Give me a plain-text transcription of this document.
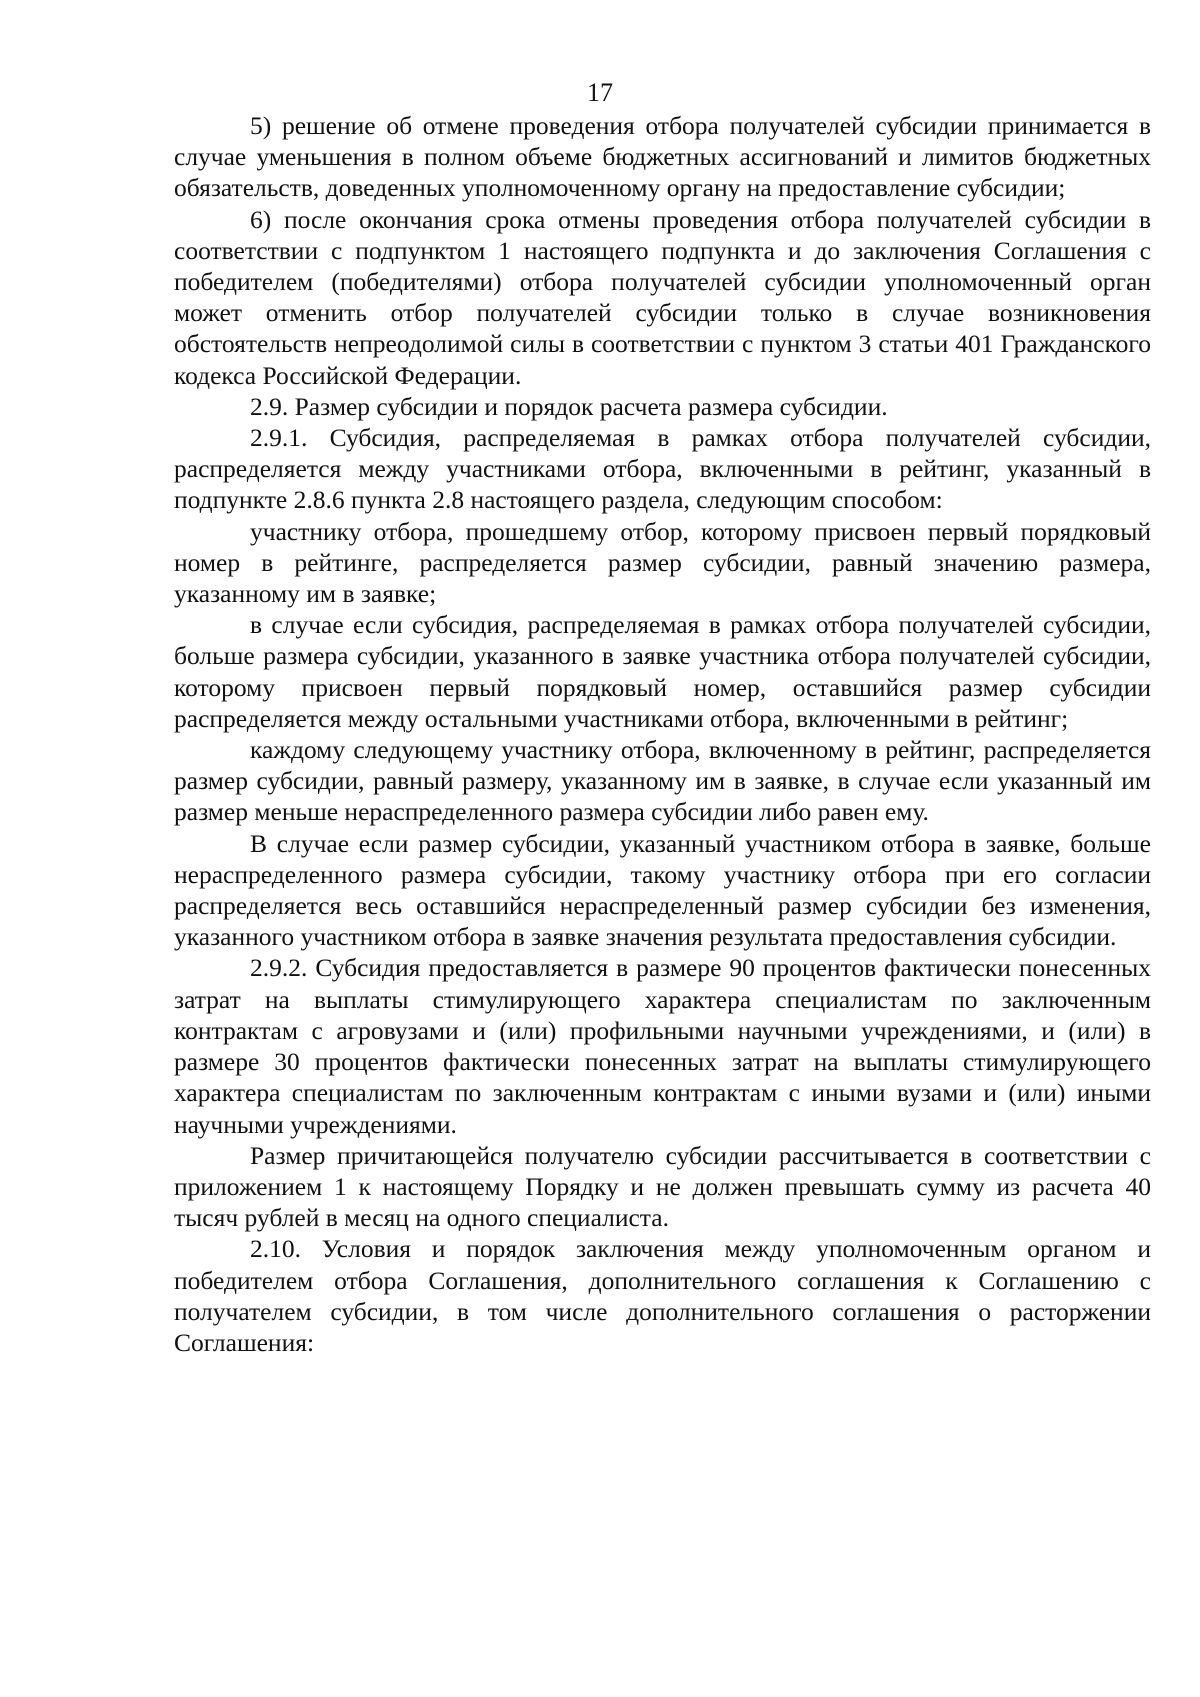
17

5) решение об отмене проведения отбора получателей субсидии принимается в случае уменьшения в полном объеме бюджетных ассигнований и лимитов бюджетных обязательств, доведенных уполномоченному органу на предоставление субсидии;

6) после окончания срока отмены проведения отбора получателей субсидии в соответствии с подпунктом 1 настоящего подпункта и до заключения Соглашения с победителем (победителями) отбора получателей субсидии уполномоченный орган может отменить отбор получателей субсидии только в случае возникновения обстоятельств непреодолимой силы в соответствии с пунктом 3 статьи 401 Гражданского кодекса Российской Федерации.

2.9. Размер субсидии и порядок расчета размера субсидии.

2.9.1. Субсидия, распределяемая в рамках отбора получателей субсидии, распределяется между участниками отбора, включенными в рейтинг, указанный в подпункте 2.8.6 пункта 2.8 настоящего раздела, следующим способом:

участнику отбора, прошедшему отбор, которому присвоен первый порядковый номер в рейтинге, распределяется размер субсидии, равный значению размера, указанному им в заявке;

в случае если субсидия, распределяемая в рамках отбора получателей субсидии, больше размера субсидии, указанного в заявке участника отбора получателей субсидии, которому присвоен первый порядковый номер, оставшийся размер субсидии распределяется между остальными участниками отбора, включенными в рейтинг;

каждому следующему участнику отбора, включенному в рейтинг, распределяется размер субсидии, равный размеру, указанному им в заявке, в случае если указанный им размер меньше нераспределенного размера субсидии либо равен ему.

В случае если размер субсидии, указанный участником отбора в заявке, больше нераспределенного размера субсидии, такому участнику отбора при его согласии распределяется весь оставшийся нераспределенный размер субсидии без изменения, указанного участником отбора в заявке значения результата предоставления субсидии.

2.9.2. Субсидия предоставляется в размере 90 процентов фактически понесенных затрат на выплаты стимулирующего характера специалистам по заключенным контрактам с агровузами и (или) профильными научными учреждениями, и (или) в размере 30 процентов фактически понесенных затрат на выплаты стимулирующего характера специалистам по заключенным контрактам с иными вузами и (или) иными научными учреждениями.

Размер причитающейся получателю субсидии рассчитывается в соответствии с приложением 1 к настоящему Порядку и не должен превышать сумму из расчета 40 тысяч рублей в месяц на одного специалиста.

2.10. Условия и порядок заключения между уполномоченным органом и победителем отбора Соглашения, дополнительного соглашения к Соглашению с получателем субсидии, в том числе дополнительного соглашения о расторжении Соглашения:
